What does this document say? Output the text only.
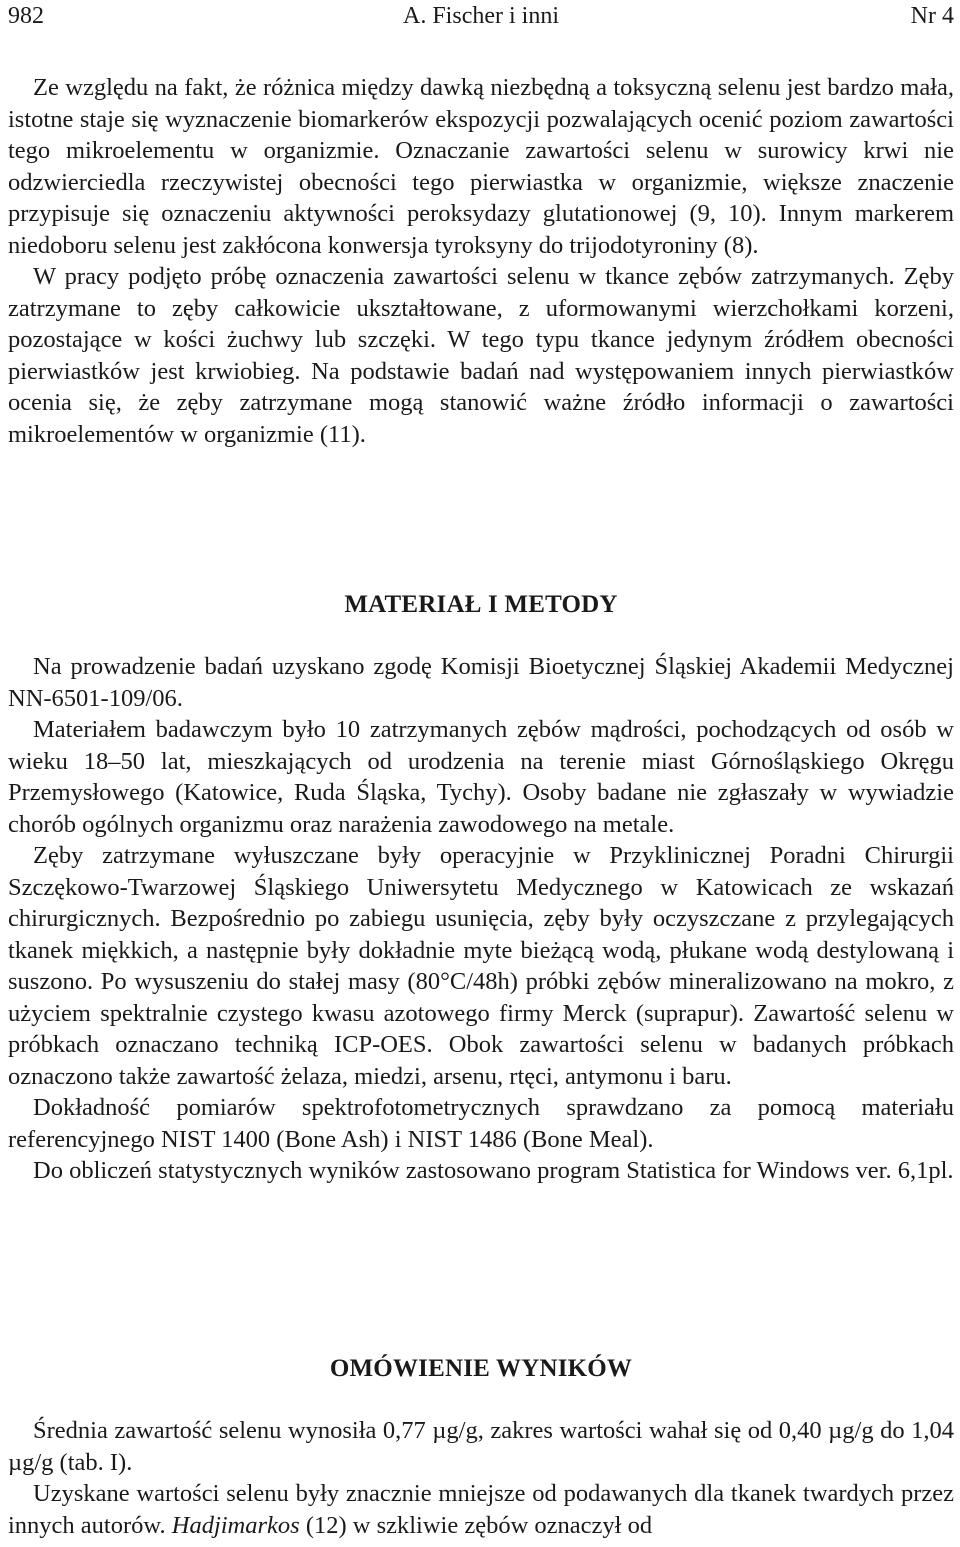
982	A. Fischer i inni	Nr 4

Ze względu na fakt, że różnica między dawką niezbędną a toksyczną selenu jest bardzo mała, istotne staje się wyznaczenie biomarkerów ekspozycji pozwalających ocenić poziom zawartości tego mikroelementu w organizmie. Oznaczanie zawartości selenu w surowicy krwi nie odzwierciedla rzeczywistej obecności tego pierwiastka w organizmie, większe znaczenie przypisuje się oznaczeniu aktywności peroksydazy glutationowej (9, 10). Innym markerem niedoboru selenu jest zakłócona konwersja tyroksyny do trijodotyroniny (8).

W pracy podjęto próbę oznaczenia zawartości selenu w tkance zębów zatrzymanych. Zęby zatrzymane to zęby całkowicie ukształtowane, z uformowanymi wierzchołkami korzeni, pozostające w kości żuchwy lub szczęki. W tego typu tkance jedynym źródłem obecności pierwiastków jest krwiobieg. Na podstawie badań nad występowaniem innych pierwiastków ocenia się, że zęby zatrzymane mogą stanowić ważne źródło informacji o zawartości mikroelementów w organizmie (11).

MATERIAŁ I METODY

Na prowadzenie badań uzyskano zgodę Komisji Bioetycznej Śląskiej Akademii Medycznej NN-6501-109/06.

Materiałem badawczym było 10 zatrzymanych zębów mądrości, pochodzących od osób w wieku 18–50 lat, mieszkających od urodzenia na terenie miast Górnośląskiego Okręgu Przemysłowego (Katowice, Ruda Śląska, Tychy). Osoby badane nie zgłaszały w wywiadzie chorób ogólnych organizmu oraz narażenia zawodowego na metale.

Zęby zatrzymane wyłuszczane były operacyjnie w Przyklinicznej Poradni Chirurgii Szczękowo-Twarzowej Śląskiego Uniwersytetu Medycznego w Katowicach ze wskazań chirurgicznych. Bezpośrednio po zabiegu usunięcia, zęby były oczyszczane z przylegających tkanek miękkich, a następnie były dokładnie myte bieżącą wodą, płukane wodą destylowaną i suszono. Po wysuszeniu do stałej masy (80°C/48h) próbki zębów mineralizowano na mokro, z użyciem spektralnie czystego kwasu azotowego firmy Merck (suprapur). Zawartość selenu w próbkach oznaczano techniką ICP-OES. Obok zawartości selenu w badanych próbkach oznaczono także zawartość żelaza, miedzi, arsenu, rtęci, antymonu i baru.

Dokładność pomiarów spektrofotometrycznych sprawdzano za pomocą materiału referencyjnego NIST 1400 (Bone Ash) i NIST 1486 (Bone Meal).

Do obliczeń statystycznych wyników zastosowano program Statistica for Windows ver. 6,1pl.

OMÓWIENIE WYNIKÓW

Średnia zawartość selenu wynosiła 0,77 µg/g, zakres wartości wahał się od 0,40 µg/g do 1,04 µg/g (tab. I).

Uzyskane wartości selenu były znacznie mniejsze od podawanych dla tkanek twardych przez innych autorów. Hadjimarkos (12) w szkliwie zębów oznaczył od
